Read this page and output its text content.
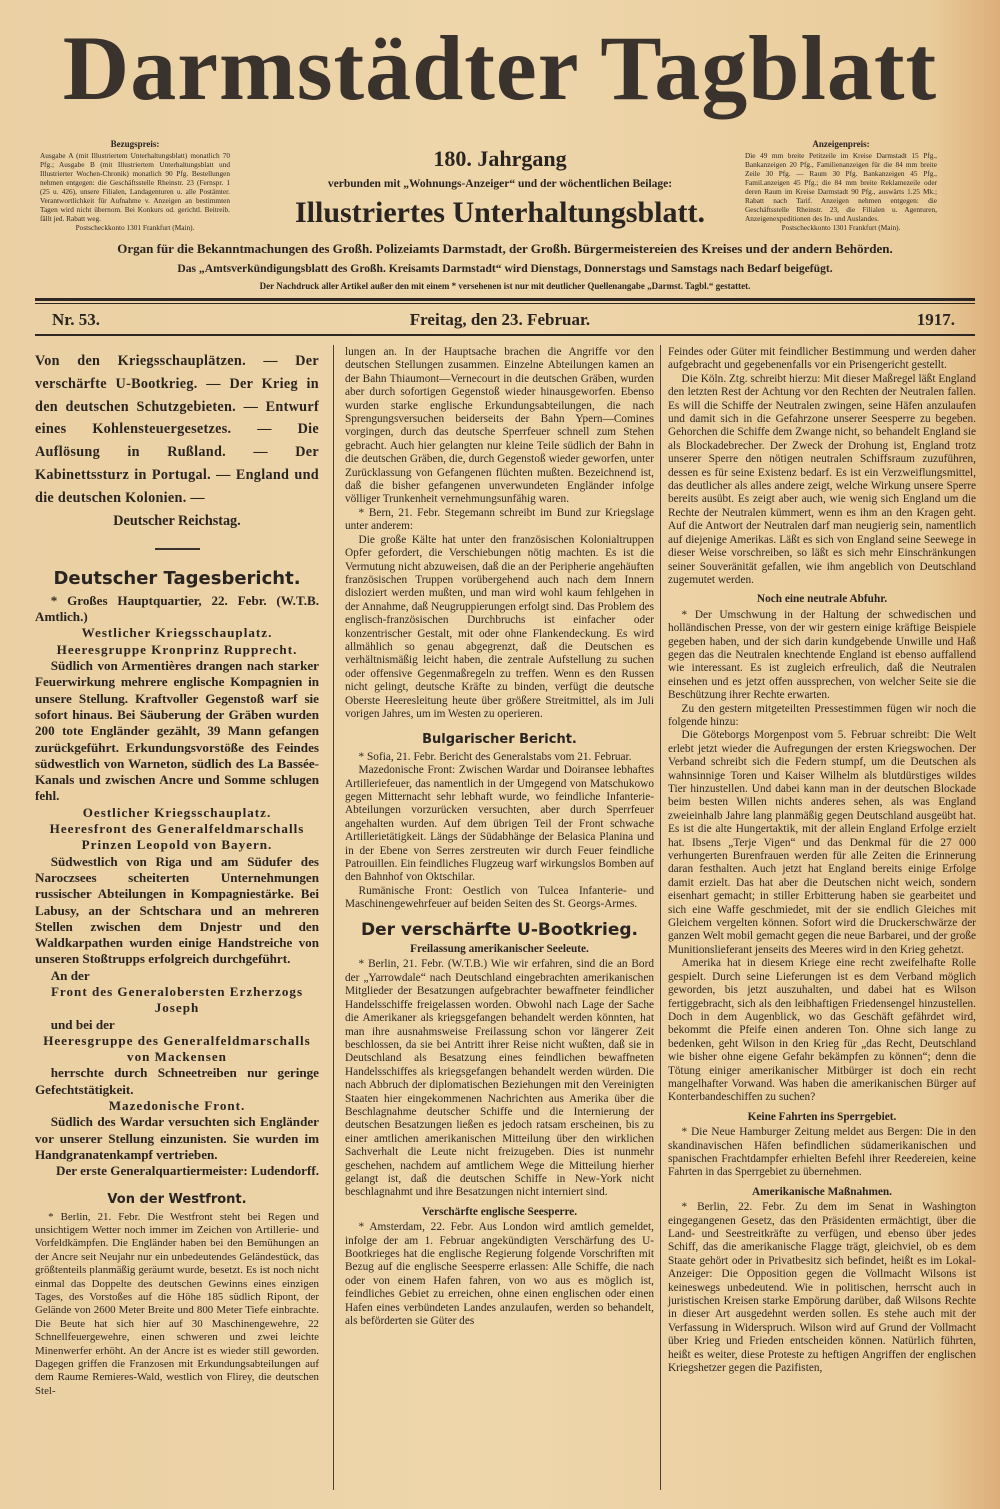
Darmstädter Tagblatt
Bezugspreis:
Ausgabe A (mit Illustriertem Unterhaltungsblatt) monatlich 70 Pfg.; Ausgabe B (mit Illustriertem Unterhaltungsblatt und Illustrierter Wochen-Chronik) monatlich 90 Pfg. Bestellungen nehmen entgegen: die Geschäftsstelle Rheinstr. 23 (Fernspr. 1 (25 u. 426), unsere Filialen, Landagenturen u. alle Postämter. Verantwortlichkeit für Aufnahme v. Anzeigen an bestimmten Tagen wird nicht übernom. Bei Konkurs od. gerichtl. Beitreib. fällt jed. Rabatt weg.
Postscheckkonto 1301 Frankfurt (Main).
Anzeigenpreis:
Die 49 mm breite Petitzeile im Kreise Darmstadt 15 Pfg., Bankanzeigen 20 Pfg., Familienanzeigen für die 84 mm breite Zeile 30 Pfg. — Raum 30 Pfg. Bankanzeigen 45 Pfg., Famil.anzeigen 45 Pfg.; die 84 mm breite Reklamezeile oder deren Raum im Kreise Darmstadt 90 Pfg., auswärts 1.25 Mk.; Rabatt nach Tarif. Anzeigen nehmen entgegen: die Geschäftsstelle Rheinstr. 23, die Filialen u. Agenturen, Anzeigenexpeditionen des In- und Auslandes.
Postscheckkonto 1301 Frankfurt (Main).
180. Jahrgang
verbunden mit „Wohnungs-Anzeiger“ und der wöchentlichen Beilage:
Illustriertes Unterhaltungsblatt.
Organ für die Bekanntmachungen des Großh. Polizeiamts Darmstadt, der Großh. Bürgermeistereien des Kreises und der andern Behörden.
Das „Amtsverkündigungsblatt des Großh. Kreisamts Darmstadt“ wird Dienstags, Donnerstags und Samstags nach Bedarf beigefügt.
Der Nachdruck aller Artikel außer den mit einem * versehenen ist nur mit deutlicher Quellenangabe „Darmst. Tagbl.“ gestattet.
Nr. 53.	Freitag, den 23. Februar.	1917.

Von den Kriegsschauplätzen. — Der verschärfte U-Bootkrieg. — Der Krieg in den deutschen Schutzgebieten. — Entwurf eines Kohlensteuergesetzes. — Die Auflösung in Rußland. — Der Kabinettssturz in Portugal. — England und die deutschen Kolonien. —

Deutscher Reichstag.

Deutscher Tagesbericht.

* Großes Hauptquartier, 22. Febr. (W.T.B. Amtlich.)

Westlicher Kriegsschauplatz.

Heeresgruppe Kronprinz Rupprecht.

Südlich von Armentières drangen nach starker Feuerwirkung mehrere englische Kompagnien in unsere Stellung. Kraftvoller Gegenstoß warf sie sofort hinaus. Bei Säuberung der Gräben wurden 200 tote Engländer gezählt, 39 Mann gefangen zurückgeführt. Erkundungsvorstöße des Feindes südwestlich von Warneton, südlich des La Bassée-Kanals und zwischen Ancre und Somme schlugen fehl.

Oestlicher Kriegsschauplatz.

Heeresfront des Generalfeldmarschalls Prinzen Leopold von Bayern.

Südwestlich von Riga und am Südufer des Naroczsees scheiterten Unternehmungen russischer Abteilungen in Kompagniestärke. Bei Labusy, an der Schtschara und an mehreren Stellen zwischen dem Dnjestr und den Waldkarpathen wurden einige Handstreiche von unseren Stoßtrupps erfolgreich durchgeführt.

An der

Front des Generalobersten Erzherzogs Joseph

und bei der

Heeresgruppe des Generalfeldmarschalls von Mackensen

herrschte durch Schneetreiben nur geringe Gefechtstätigkeit.

Mazedonische Front.

Südlich des Wardar versuchten sich Engländer vor unserer Stellung einzunisten. Sie wurden im Handgranatenkampf vertrieben.

Der erste Generalquartiermeister: Ludendorff.

Von der Westfront.

* Berlin, 21. Febr. Die Westfront steht bei Regen und unsichtigem Wetter noch immer im Zeichen von Artillerie- und Vorfeldkämpfen. Die Engländer haben bei den Bemühungen an der Ancre seit Neujahr nur ein unbedeutendes Geländestück, das größtenteils planmäßig geräumt wurde, besetzt. Es ist noch nicht einmal das Doppelte des deutschen Gewinns eines einzigen Tages, des Vorstoßes auf die Höhe 185 südlich Ripont, der Gelände von 2600 Meter Breite und 800 Meter Tiefe einbrachte. Die Beute hat sich hier auf 30 Maschinengewehre, 22 Schnellfeuergewehre, einen schweren und zwei leichte Minenwerfer erhöht. An der Ancre ist es wieder still geworden. Dagegen griffen die Franzosen mit Erkundungsabteilungen auf dem Raume Remieres-Wald, westlich von Flirey, die deutschen Stel-

lungen an. In der Hauptsache brachen die Angriffe vor den deutschen Stellungen zusammen. Einzelne Abteilungen kamen an der Bahn Thiaumont—Vernecourt in die deutschen Gräben, wurden aber durch sofortigen Gegenstoß wieder hinausgeworfen. Ebenso wurden starke englische Erkundungsabteilungen, die nach Sprengungsversuchen beiderseits der Bahn Ypern—Comines vorgingen, durch das deutsche Sperrfeuer schnell zum Stehen gebracht. Auch hier gelangten nur kleine Teile südlich der Bahn in die deutschen Gräben, die, durch Gegenstoß wieder geworfen, unter Zurücklassung von Gefangenen flüchten mußten. Bezeichnend ist, daß die bisher gefangenen unverwundeten Engländer infolge völliger Trunkenheit vernehmungsunfähig waren.

* Bern, 21. Febr. Stegemann schreibt im Bund zur Kriegslage unter anderem:

Die große Kälte hat unter den französischen Kolonialtruppen Opfer gefordert, die Verschiebungen nötig machten. Es ist die Vermutung nicht abzuweisen, daß die an der Peripherie angehäuften französischen Truppen vorübergehend auch nach dem Innern disloziert werden mußten, und man wird wohl kaum fehlgehen in der Annahme, daß Neugruppierungen erfolgt sind. Das Problem des englisch-französischen Durchbruchs ist einfacher oder konzentrischer Gestalt, mit oder ohne Flankendeckung. Es wird allmählich so genau abgegrenzt, daß die Deutschen es verhältnismäßig leicht haben, die zentrale Aufstellung zu suchen oder offensive Gegenmaßregeln zu treffen. Wenn es den Russen nicht gelingt, deutsche Kräfte zu binden, verfügt die deutsche Oberste Heeresleitung heute über größere Streitmittel, als im Juli vorigen Jahres, um im Westen zu operieren.

Bulgarischer Bericht.

* Sofia, 21. Febr. Bericht des Generalstabs vom 21. Februar.

Mazedonische Front: Zwischen Wardar und Doiransee lebhaftes Artilleriefeuer, das namentlich in der Umgegend von Matschukowo gegen Mitternacht sehr lebhaft wurde, wo feindliche Infanterie-Abteilungen vorzurücken versuchten, aber durch Sperrfeuer angehalten wurden. Auf dem übrigen Teil der Front schwache Artillerietätigkeit. Längs der Südabhänge der Belasica Planina und in der Ebene von Serres zerstreuten wir durch Feuer feindliche Patrouillen. Ein feindliches Flugzeug warf wirkungslos Bomben auf den Bahnhof von Oktschilar.

Rumänische Front: Oestlich von Tulcea Infanterie- und Maschinengewehrfeuer auf beiden Seiten des St. Georgs-Armes.

Der verschärfte U-Bootkrieg.

Freilassung amerikanischer Seeleute.

* Berlin, 21. Febr. (W.T.B.) Wie wir erfahren, sind die an Bord der „Yarrowdale“ nach Deutschland eingebrachten amerikanischen Mitglieder der Besatzungen aufgebrachter bewaffneter feindlicher Handelsschiffe freigelassen worden. Obwohl nach Lage der Sache die Amerikaner als kriegsgefangen behandelt werden könnten, hat man ihre ausnahmsweise Freilassung schon vor längerer Zeit beschlossen, da sie bei Antritt ihrer Reise nicht wußten, daß sie in Deutschland als Besatzung eines feindlichen bewaffneten Handelsschiffes als kriegsgefangen behandelt werden würden. Die nach Abbruch der diplomatischen Beziehungen mit den Vereinigten Staaten hier eingekommenen Nachrichten aus Amerika über die Beschlagnahme deutscher Schiffe und die Internierung der deutschen Besatzungen ließen es jedoch ratsam erscheinen, bis zu einer amtlichen amerikanischen Mitteilung über den wirklichen Sachverhalt die Leute nicht freizugeben. Dies ist nunmehr geschehen, nachdem auf amtlichem Wege die Mitteilung hierher gelangt ist, daß die deutschen Schiffe in New-York nicht beschlagnahmt und ihre Besatzungen nicht interniert sind.

Verschärfte englische Seesperre.

* Amsterdam, 22. Febr. Aus London wird amtlich gemeldet, infolge der am 1. Februar angekündigten Verschärfung des U-Bootkrieges hat die englische Regierung folgende Vorschriften mit Bezug auf die englische Seesperre erlassen: Alle Schiffe, die nach oder von einem Hafen fahren, von wo aus es möglich ist, feindliches Gebiet zu erreichen, ohne einen englischen oder einen Hafen eines verbündeten Landes anzulaufen, werden so behandelt, als beförderten sie Güter des

Feindes oder Güter mit feindlicher Bestimmung und werden daher aufgebracht und gegebenenfalls vor ein Prisengericht gestellt.

Die Köln. Ztg. schreibt hierzu: Mit dieser Maßregel läßt England den letzten Rest der Achtung vor den Rechten der Neutralen fallen. Es will die Schiffe der Neutralen zwingen, seine Häfen anzulaufen und damit sich in die Gefahrzone unserer Seesperre zu begeben. Gehorchen die Schiffe dem Zwange nicht, so behandelt England sie als Blockadebrecher. Der Zweck der Drohung ist, England trotz unserer Sperre den nötigen neutralen Schiffsraum zuzuführen, dessen es für seine Existenz bedarf. Es ist ein Verzweiflungsmittel, das deutlicher als alles andere zeigt, welche Wirkung unsere Sperre bereits ausübt. Es zeigt aber auch, wie wenig sich England um die Rechte der Neutralen kümmert, wenn es ihm an den Kragen geht. Auf die Antwort der Neutralen darf man neugierig sein, namentlich auf diejenige Amerikas. Läßt es sich von England seine Seewege in dieser Weise vorschreiben, so läßt es sich mehr Einschränkungen seiner Souveränität gefallen, wie ihm angeblich von Deutschland zugemutet werden.

Noch eine neutrale Abfuhr.

* Der Umschwung in der Haltung der schwedischen und holländischen Presse, von der wir gestern einige kräftige Beispiele gegeben haben, und der sich darin kundgebende Unwille und Haß gegen das die Neutralen knechtende England ist ebenso auffallend wie interessant. Es ist zugleich erfreulich, daß die Neutralen einsehen und es jetzt offen aussprechen, von welcher Seite sie die Beschützung ihrer Rechte erwarten.

Zu den gestern mitgeteilten Pressestimmen fügen wir noch die folgende hinzu:

Die Göteborgs Morgenpost vom 5. Februar schreibt: Die Welt erlebt jetzt wieder die Aufregungen der ersten Kriegswochen. Der Verband schreibt sich die Federn stumpf, um die Deutschen als wahnsinnige Toren und Kaiser Wilhelm als blutdürstiges wildes Tier hinzustellen. Und dabei kann man in der deutschen Blockade beim besten Willen nichts anderes sehen, als was England zweieinhalb Jahre lang planmäßig gegen Deutschland ausgeübt hat. Es ist die alte Hungertaktik, mit der allein England Erfolge erzielt hat. Ibsens „Terje Vigen“ und das Denkmal für die 27 000 verhungerten Burenfrauen werden für alle Zeiten die Erinnerung daran festhalten. Auch jetzt hat England bereits einige Erfolge damit erzielt. Das hat aber die Deutschen nicht weich, sondern eisenhart gemacht; in stiller Erbitterung haben sie gearbeitet und sich eine Waffe geschmiedet, mit der sie endlich Gleiches mit Gleichem vergelten können. Sofort wird die Druckerschwärze der ganzen Welt mobil gemacht gegen die neue Barbarei, und der große Munitionslieferant jenseits des Meeres wird in den Krieg gehetzt.

Amerika hat in diesem Kriege eine recht zweifelhafte Rolle gespielt. Durch seine Lieferungen ist es dem Verband möglich geworden, bis jetzt auszuhalten, und dabei hat es Wilson fertiggebracht, sich als den leibhaftigen Friedensengel hinzustellen. Doch in dem Augenblick, wo das Geschäft gefährdet wird, bekommt die Pfeife einen anderen Ton. Ohne sich lange zu bedenken, geht Wilson in den Krieg für „das Recht, Deutschland wie bisher ohne eigene Gefahr bekämpfen zu können“; denn die Tötung einiger amerikanischer Mitbürger ist doch ein recht mangelhafter Vorwand. Was haben die amerikanischen Bürger auf Konterbandeschiffen zu suchen?

Keine Fahrten ins Sperrgebiet.

* Die Neue Hamburger Zeitung meldet aus Bergen: Die in den skandinavischen Häfen befindlichen südamerikanischen und spanischen Frachtdampfer erhielten Befehl ihrer Reedereien, keine Fahrten in das Sperrgebiet zu übernehmen.

Amerikanische Maßnahmen.

* Berlin, 22. Febr. Zu dem im Senat in Washington eingegangenen Gesetz, das den Präsidenten ermächtigt, über die Land- und Seestreitkräfte zu verfügen, und ebenso über jedes Schiff, das die amerikanische Flagge trägt, gleichviel, ob es dem Staate gehört oder in Privatbesitz sich befindet, heißt es im Lokal-Anzeiger: Die Opposition gegen die Vollmacht Wilsons ist keineswegs unbedeutend. Wie in politischen, herrscht auch in juristischen Kreisen starke Empörung darüber, daß Wilsons Rechte in dieser Art ausgedehnt werden sollen. Es stehe auch mit der Verfassung in Widerspruch. Wilson wird auf Grund der Vollmacht über Krieg und Frieden entscheiden können. Natürlich führten, heißt es weiter, diese Proteste zu heftigen Angriffen der englischen Kriegshetzer gegen die Pazifisten,
